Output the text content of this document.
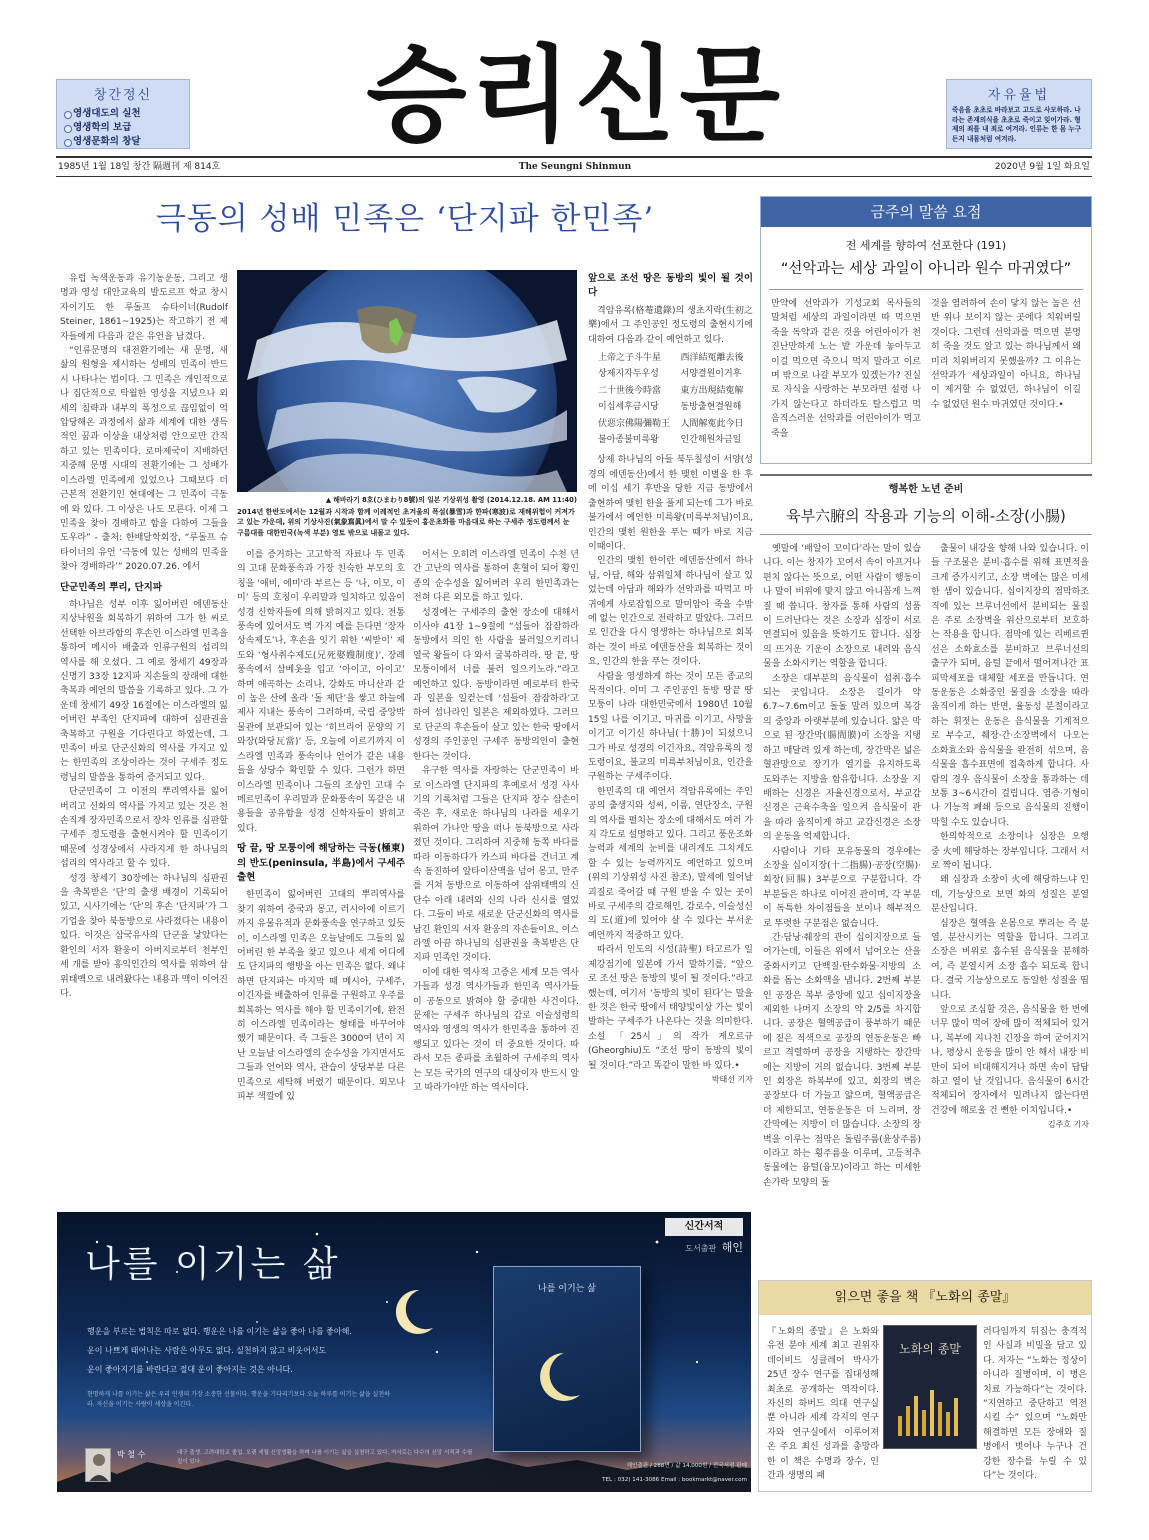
창간정신
영생대도의 실천
영생학의 보급
영생문화의 창달	승리신문	자유율법
죽음을 초초로 바라보고 고도로 사모하라. 나라는 존재의식을 초초로 죽이고 잊어가라. 형제의 죄를 내 죄로 여겨라. 인류는 한 몸 누구든지 내몸처럼 여겨라.
1985년 1월 18일 창간 隔週刊 제 814호	The Seungni Shinmun	2020년 9월 1일 화요일
극동의 성배 민족은 ‘단지파 한민족’

유럽 녹색운동과 유기농운동, 그리고 생명과 영성 대안교육의 발도르프 학교 창시자이기도 한 루돌프 슈타이너(Rudolf Steiner, 1861~1925)는 작고하기 전 제자들에게 다음과 같은 유언을 남겼다.

“인류문명의 대전환기에는 새 문명, 새 삶의 원형을 제시하는 성배의 민족이 반드시 나타나는 법이다. 그 민족은 개인적으로나 집단적으로 탁월한 영성을 지녔으나 외세의 침략과 내부의 폭정으로 끊임없이 억압당해온 과정에서 삶과 세계에 대한 생득적인 꿈과 이상을 내상처럼 안으로만 간직하고 있는 민족이다. 로마제국이 지배하던 지중해 문명 시대의 전환기에는 그 성배가 이스라엘 민족에게 있었으나 그때보다 더 근본적 전환기인 현대에는 그 민족이 극동에 와 있다. 그 이상은 나도 모른다. 이제 그 민족을 찾아 경배하고 함을 다하여 그들을 도우라” - 출처: 한배달학회장, “루돌프 슈타이너의 유언 ‘극동에 있는 성배의 민족을 찾아 경배하라’” 2020.07.26. 에서

단군민족의 뿌리, 단지파

하나님은 성부 이후 잃어버린 에덴동산 지상낙원을 회복하기 위하여 그가 한 씨로 선택한 아브라함의 후손인 이스라엘 민족을 통하여 메시아 배출과 인류구원의 섭리의 역사를 해 오셨다. 그 예로 창세기 49장과 신명기 33장 12지파 지손들의 장래에 대한 축복과 예언의 말씀을 기록하고 있다. 그 가운데 창세기 49장 16절에는 이스라엘의 잃어버린 부족인 단지파에 대하여 심판권을 축복하고 구원을 기다린다고 하였는데, 그 민족이 바로 단군신화의 역사를 가지고 있는 한민족의 조상이라는 것이 구세주 정도령님의 말씀을 통하여 증거되고 있다.

단군민족이 그 이전의 뿌리역사를 잃어버리고 신화의 역사를 가지고 있는 것은 천손직계 장자민족으로서 장차 인류를 심판할 구세주 정도령을 출현시켜야 할 민족이기 때문에 성경상에서 사라지게 한 하나님의 섭리의 역사라고 할 수 있다.

성경 창세기 30장에는 하나님의 심판권을 축복받은 ‘단’의 출생 배경이 기록되어 있고, 시사기에는 ‘단’의 후손 ‘단지파’가 그 기업을 찾아 북동방으로 사라졌다는 내용이 있다. 이것은 삼국유사의 단군을 낳았다는 환인의 서자 환웅이 아버지로부터 천부인 세 개를 받아 홍익인간의 역사를 위하여 삼위태백으로 내려왔다는 내용과 맥이 이어진다.

▲ 해바라기 8호(ひまわり8號)의 일본 기상위성 촬영 (2014.12.18. AM 11:40)
2014년 한반도에서는 12월과 시작과 함께 이례적인 초겨울의 폭설(暴雪)과 한파(寒波)로 재해위험이 커져가고 있는 가운데, 위의 기상사진(氣象寫眞)에서 말 수 있듯이 홍운초화를 마음대로 하는 구세주 정도령께서 눈 구름대를 대한민국(녹색 부분) 영토 밖으로 내몰고 있다.

이를 증거하는 고고학적 자료나 두 민족의 고대 문화풍속과 가장 친숙한 부모의 호칭을 '애비, 에미'라 부르는 등 ‘나, 이모, 이미’ 등의 호칭이 우리말과 일치하고 있음이 성경 신학자들에 의해 밝혀지고 있다. 전통풍속에 있어서도 벽 가지 예를 든다면 ‘장자상속제도’나, 후손을 잇기 위한 ‘씨받이’ 제도와 ‘형사취수제도(兄死娶嫂制度)’, 장례 풍속에서 삼베옷을 입고 ‘아이고, 아이고’ 하며 애곡하는 소리나, 강화도 마니산과 같이 높은 산에 올라 ‘돌 제단’을 쌓고 하늘에 제사 지내는 풍속이 그러하며, 국립 중앙박물관에 보관되어 있는 ‘히브리어 문양의 기와장(와당瓦當)’ 등, 오늘에 이르기까지 이스라엘 민족과 풍속이나 언어가 같은 내용들을 상당수 확인할 수 있다. 그런가 하면 이스라엘 민족이나 그들의 조상인 고대 수메르민족이 우리말과 문화풍속이 똑같은 내용들을 공유함을 성경 신학자들이 밝히고 있다.

땅 끝, 땅 모퉁이에 해당하는 극동(極東)의 반도(peninsula, 半島)에서 구세주 출현

한민족이 잃어버린 고대의 뿌리역사를 찾기 위하여 중국과 몽고, 러시아에 이르기까지 유물유적과 문화풍속을 연구하고 있듯이, 이스라엘 민족은 오늘날에도 그들의 잃어버린 한 부족을 찾고 있으나 세계 어디에도 단지파의 행방을 아는 민족은 없다. 왜냐하면 단지파는 마지막 때 메시아, 구세주, 이긴자를 배출하여 인류를 구원하고 우주를 회복하는 역사를 해야 할 민족이기에, 완전히 이스라엘 민족이라는 형태를 바꾸어야 했기 때문이다. 즉 그들은 3000여 년이 지난 오늘날 이스라엘의 순수성을 가지면서도 그들과 언어와 역사, 관습이 상당부분 다른 민족으로 세탁해 버렸기 때문이다. 외모나 피부 색깔에 있

어서는 오히려 이스라엘 민족이 수천 년간 고난의 역사를 통하여 혼혈이 되어 황인종의 순수성을 잃어버려 우리 한민족과는 전혀 다른 외모를 하고 있다.

성경에는 구세주의 출현 장소에 대해서 이사야 41장 1~9절에 “섬들아 잠잠하라 동방에서 의인 한 사람을 불러일으키리니 열국 왕들이 다 와서 굴복하리라. 땅 끝, 땅 모퉁이에서 너를 불러 일으키노라.”라고 예언하고 있다. 동방이라면 예로부터 한국과 일본을 일컫는데 ‘섬들아 잠잠하라’고 하여 섬나라인 일본은 제외하였다. 그러므로 단군의 후손들이 살고 있는 한국 땅에서 성경의 주인공인 구세주 동방의인이 출현한다는 것이다.

유구한 역사를 자랑하는 단군민족이 바로 이스라엘 단지파의 후예로서 성경 사사기의 기록처럼 그들은 단지파 장수 삼손이 죽은 후, 새로운 하나님의 나라를 세우기 위하여 가나안 땅을 떠나 동북방으로 사라졌던 것이다. 그리하여 지중해 동쪽 바다를 따라 이동하다가 카스피 바다를 건너고 계속 동진하여 알타이산맥을 넘어 몽고, 만주를 거쳐 동방으로 이동하여 삼위태백의 신단수 아래 내려와 신의 나라 신시를 열었다. 그들이 바로 새로운 단군신화의 역사를 남긴 환인의 서자 환웅의 자손들이요, 이스라엘 아끔 하나님의 심판권을 축복받은 단지파 민족인 것이다.

이에 대한 역사적 고증은 세계 모든 역사가들과 성경 역사가들과 한민족 역사가들이 공동으로 밝혀야 할 중대한 사건이다. 문제는 구세주 하나님의 감로 이슬성령의 역사와 영생의 역사가 한민족을 통하여 진행되고 있다는 것이 더 중요한 것이다. 따라서 모든 종파를 초월하여 구세주의 역사는 모든 국가의 연구의 대상이자 반드시 알고 따라가야만 하는 역사이다.

앞으로 조선 땅은 동방의 빛이 될 것이다

격암유록(格菴遺錄)의 생초지락(生初之樂)에서 그 주인공인 정도령의 출현시기에 대하여 다음과 같이 예언하고 있다.

上帝之子斗牛星	西洋結冤離去後
상제지자두우성	서양결원이거후
二十世後今時當	東方出現結寃解
이십세후금시당	동방출현결원해
伏惡宗佛陽彌勒王 人間解寃此今日
불아종불미륵왕	인간해원차금일

상제 하나님의 아들 북두칠성이 서양(성경의 에덴동산)에서 한 맺힌 이별을 한 후에 이십 세기 후반을 당한 지금 동방에서 출현하여 맺힌 한을 풀게 되는데 그가 바로 불가에서 예언한 미륵왕(미륵부처님)이요, 인간의 맺힌 원한을 푸는 때가 바로 지금 이때이다.

인간의 맺힌 한이란 에덴동산에서 하나님, 아담, 해와 삼위일체 하나님이 살고 있었는데 아담과 해와가 선악과를 따먹고 마귀에게 사로잡힘으로 말미암아 죽을 수밖에 없는 인간으로 전락하고 말았다. 그러므로 인간을 다시 영생하는 하나님으로 회복하는 것이 바로 에덴동산을 회복하는 것이요, 인간의 한을 푸는 것이다.

사람을 영생하게 하는 것이 모든 종교의 목적이다. 이미 그 주인공인 동방 땅끝 땅 모퉁이 나라 대한민국에서 1980년 10월 15일 나를 이기고, 마귀를 이기고, 사망을 이기고 이기신 하나님(十勝)이 되셨으니 그가 바로 성경의 이긴자요, 격암유록의 정도령이요, 불교의 미륵부처님이요, 인간을 구원하는 구세주이다.

한민족의 대 예언서 격암유록에는 주인공의 출생지와 성씨, 이름, 연단장소, 구원의 역사를 펼치는 장소에 대해서도 여러 가지 각도로 설명하고 있다. 그리고 풍운조화 능력과 세계의 눈비를 내리게도 그치게도 할 수 있는 능력까지도 예언하고 있으며(위의 기상위성 사진 참조), 말세에 일어날 괴질로 죽어갈 때 구원 받을 수 있는 곳이 바로 구세주의 감로해인, 감로수, 이슬성신의 도(道)에 있어야 살 수 있다는 부서운 예언까지 적중하고 있다.

따라서 인도의 시성(詩聖) 타고르가 일제강점기에 일본에 가서 말하기를, “앞으로 조선 땅은 동방의 빛이 될 것이다.”라고 했는데, 여기서 ‘동방의 빛이 된다’는 말을 한 것은 한국 땅에서 태양빛이상 가는 빛이 발하는 구세주가 나온다는 것을 의미한다. 소설 「25시」의 작가 게오르규(Gheorghiu)도 “조선 땅이 동방의 빛이 될 것이다.”라고 똑같이 말한 바 있다.•

박태선 기자

금주의 말씀 요점
전 세계를 향하여 선포한다 (191)
“선악과는 세상 과일이 아니라 원수 마귀였다”
만약에 선악과가 기성교회 목사들의 말처럼 세상의 과일이라면 따 먹으면 죽을 독약과 같은 것을 어린아이가 천진난만하게 노는 밭 가운데 놓아두고 이걸 먹으면 죽으니 먹지 말라고 이르며 밖으로 나갈 부모가 있겠는가? 진실로 자식을 사랑하는 부모라면 설령 나가지 않는다고 하더라도 탈스럽고 먹음직스러운 선악과를 어린아이가 먹고 죽을
것을 염려하여 손이 닿지 않는 높은 선반 위나 보이지 않는 곳에다 치워버릴 것이다. 그런데 선악과를 먹으면 분명히 죽을 것도 알고 있는 하나님께서 왜 미리 치워버리지 못했을까? 그 이유는 선악과가 세상과일이 아니요, 하나님이 제거할 수 없었던, 하나님이 이길 수 없었던 원수 마귀였던 것이다.•
행복한 노년 준비
육부六腑의 작용과 기능의 이해-소장(小腸)

옛말에 ‘배알이 꼬이다’라는 말이 있습니다. 이는 창자가 꼬여서 속이 아프거나 편치 않다는 뜻으로, 어떤 사람이 행동이나 말이 비위에 맞지 않고 아니꼽게 느껴질 때 씁니다. 창자를 통해 사람의 성품이 드러난다는 것은 소장과 심장이 서로 연결되어 있음을 뜻하기도 합니다. 심장의 뜨거운 기운이 소장으로 내려와 음식물을 소화시키는 역할을 합니다.

소장은 대부분의 음식물이 섭취·흡수되는 곳입니다. 소장은 길이가 약 6.7~7.6m이고 돌돌 말려 있으며 복강의 중앙과 아랫부분에 있습니다. 얇은 막으로 된 장간막(腸間膜)이 소장을 지탱하고 매달려 있게 하는데, 장간막은 넓은 혈관망으로 장기가 열기를 유지하도록 도와주는 지방을 함유합니다. 소장을 지배하는 신경은 자율신경으로서, 부교감신경은 근육수축을 일으켜 음식물이 관을 따라 움직이게 하고 교감신경은 소장의 운동을 억제합니다.

사람이나 기타 포유동물의 경우에는 소장을 십이지장(十二指腸)·공장(空腸)·회장(回腸) 3부분으로 구분합니다. 각 부분들은 하나로 이어진 관이며, 각 부분이 독특한 차이점들을 보이나 해부적으로 뚜렷한 구분점은 없습니다.

간·담낭·췌장의 관이 십이지장으로 들어가는데, 이들은 위에서 넘어오는 산을 중화시키고 단백질·탄수화물·지방의 소화를 돕는 소화액을 냅니다. 2번째 부분인 공장은 복부 중앙에 있고 십이지장을 제외한 나머지 소장의 약 2/5를 차지합니다. 공장은 혈액공급이 풍부하기 때문에 짙은 적색으로 공장의 연동운동은 빠르고 격렬하며 공장을 지탱하는 장간막에는 지방이 거의 없습니다. 3번째 부분인 회장은 하복부에 있고, 회장의 벽은 공장보다 더 가늘고 얇으며, 혈액공급은 더 제한되고, 연동운동은 더 느리며, 장간막에는 지방이 더 많습니다. 소장의 장벽을 이루는 점막은 돌림주름(윤상주름)이라고 하는 횡주름을 이루며, 고등척추동물에는 융털(융모)이라고 하는 미세한 손가락 모양의 돌

출물이 내강을 향해 나와 있습니다. 이들 구조물은 분비·흡수를 위해 표면적을 크게 증가시키고, 소장 벽에는 많은 미세한 샘이 있습니다. 십이지장의 점막하조직에 있는 브루너선에서 분비되는 물질은 주로 소장벽을 위산으로부터 보호하는 작용을 합니다. 점막에 있는 리베르퀸선은 소화효소를 분비하고 브루너선의 출구가 되며, 융털 끝에서 떨어져나간 표피막세포를 대체할 세포를 만듭니다. 연동운동은 소화중인 물질을 소장을 따라 움직이게 하는 반면, 율동성 분절이라고 하는 휘젓는 운동은 음식물을 기계적으로 부수고, 췌장·간·소장벽에서 나오는 소화효소와 음식물을 완전히 섞으며, 음식물을 흡수표면에 접촉하게 합니다. 사람의 경우 음식물이 소장을 통과하는 데 보통 3~6시간이 걸립니다. 염증·기형이나 기능적 폐쇄 등으로 음식물의 진행이 막힐 수도 있습니다.

한의학적으로 소장이나 심장은 오행 중 火에 해당하는 장부입니다. 그래서 서로 짝이 됩니다.

왜 심장과 소장이 火에 해당하느냐 인데, 기능상으로 보면 화의 성질은 분열 분산입니다.

심장은 혈액을 온몸으로 뿌리는 즉 분열, 분산시키는 역할을 합니다. 그리고 소장은 비위로 흡수된 음식물을 분해하여, 즉 분열시켜 소장 흡수 되도록 합니다. 결국 기능상으로도 동일한 성질을 띱니다.

앞으로 조심할 것은, 음식물을 한 번에 너무 많이 먹어 장에 많이 적체되어 있거나, 복부에 지나친 긴장을 하여 굳어지거나, 평상시 운동을 많이 안 해서 내장 비만이 되어 비대해지거나 하면 속이 답답하고 열이 날 것입니다. 음식물이 6시간 적체되어 장자에서 밀려나지 않는다면 건강에 해로울 건 뻔한 이치입니다.•

김주호 기자

신간서적
도서출판 해인
나를 이기는 삶
행운을 부르는 법칙은 따로 없다. 행운은 나를 이기는 삶을 좋아 나를 좋아해.
운이 나쁘게 태어나는 사람은 아무도 없다. 실천하지 않고 비웃어서도
운이 좋아지기를 바란다고 절대 운이 좋아지는 것은 아니다.
현명하게 나를 이기는 삶은 우리 인생의 가장 소중한 선물이다. 행운을 기다리기보다 오늘 하루를 이기는 삶을 실천하라. 자신을 이기는 사람이 세상을 이긴다.
박 철 수	대구 출생. 고려대학교 졸업. 오랜 세월 신앙생활을 하며 나를 이기는 삶을 실천하고 있다. 저서로는 다수의 신앙 서적과 수필집이 있다.
나를 이기는 삶
해인출판 / 288면 / 값 14,000원 / 전국서점 판매
TEL : 032) 141-3086 Email : bookmarkt@naver.com
읽으면 좋을 책 『노화의 종말』
『노화의 종말』은 노화와 유전 분야 세계 최고 권위자 데이비드 싱클레어 박사가 25년 장수 연구를 집대성해 최초로 공개하는 역작이다. 자신의 하버드 의대 연구실뿐 아니라 세계 각지의 연구자와 연구실에서 이루어져 온 주요 최신 성과를 총망라한 이 책은 수명과 장수, 인간과 생명의 패
노화의 종말
러다임까지 뒤집는 충격적인 사실과 비밀을 담고 있다. 저자는 “노화는 정상이 아니라 질병이며, 이 병은 치료 가능하다”는 것이다. “지연하고 중단하고 역전시킬 수” 있으며 “노화만 해결하면 모든 장애와 질병에서 벗어나 누구나 건강한 장수를 누릴 수 있다”는 것이다.
